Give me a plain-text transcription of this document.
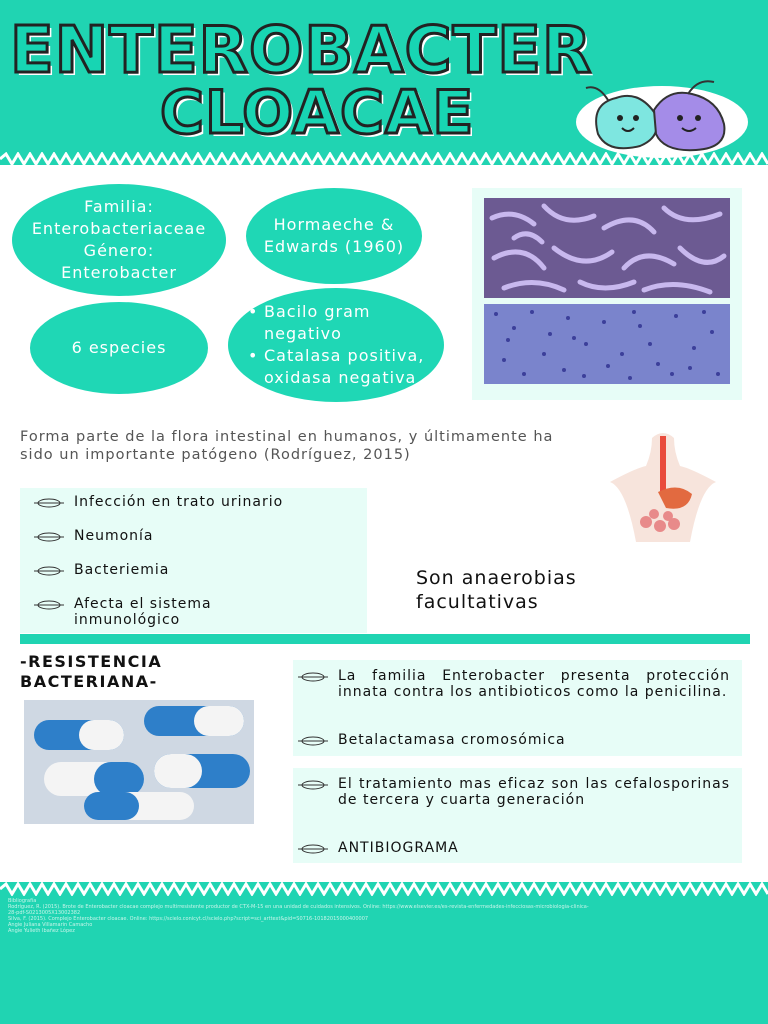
ENTEROBACTER
CLOACAE
Familia:
Enterobacteriaceae
Género:
Enterobacter
Hormaeche &
Edwards (1960)
6 especies
• Bacilo gram negativo
• Catalasa positiva, oxidasa negativa
Forma parte de la flora intestinal en humanos, y últimamente ha sido un importante patógeno (Rodríguez, 2015)
Infección en trato urinario
Neumonía
Bacteriemia
Afecta el sistema inmunológico
Son anaerobias
facultativas
-RESISTENCIA
BACTERIANA-	La familia Enterobacter presenta protección innata contra los antibioticos como la penicilina.
Betalactamasa cromosómica
El tratamiento mas eficaz son las cefalosporinas de tercera y cuarta generación
ANTIBIOGRAMA
Bibliografía
Rodríguez, R. (2015). Brote de Enterobacter cloacae complejo multirresistente productor de CTX-M-15 en una unidad de cuidados intensivos. Online: https://www.elsevier.es/es-revista-enfermedades-infecciosas-microbiologia-clinica-
28-pdf-S0213005X13002382
Silva, F. (2015). Complejo Enterobacter cloacae. Online: https://scielo.conicyt.cl/scielo.php?script=sci_arttext&pid=S0716-10182015000400007
Angie Juliana Villamarin Camacho
Angie Yulieth Ibañez López
